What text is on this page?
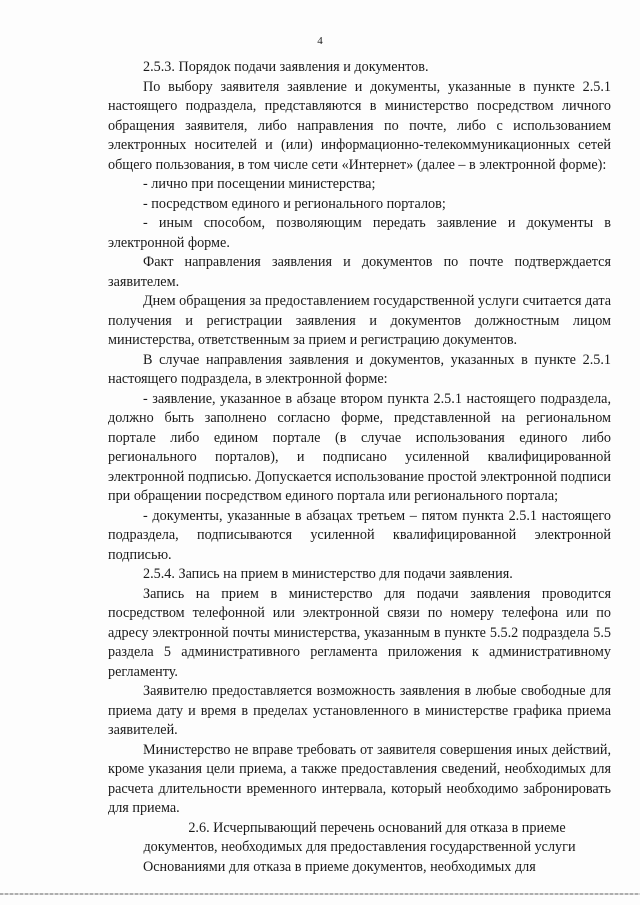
4

2.5.3. Порядок подачи заявления и документов.

По выбору заявителя заявление и документы, указанные в пункте 2.5.1 настоящего подраздела, представляются в министерство посредством личного обращения заявителя, либо направления по почте, либо с использованием электронных носителей и (или) информационно-телекоммуникационных сетей общего пользования, в том числе сети «Интернет» (далее – в электронной форме):

- лично при посещении министерства;

- посредством единого и регионального порталов;

- иным способом, позволяющим передать заявление и документы в электронной форме.

Факт направления заявления и документов по почте подтверждается заявителем.

Днем обращения за предоставлением государственной услуги считается дата получения и регистрации заявления и документов должностным лицом министерства, ответственным за прием и регистрацию документов.

В случае направления заявления и документов, указанных в пункте 2.5.1 настоящего подраздела, в электронной форме:

- заявление, указанное в абзаце втором пункта 2.5.1 настоящего подраздела, должно быть заполнено согласно форме, представленной на региональном портале либо едином портале (в случае использования единого либо регионального порталов), и подписано усиленной квалифицированной электронной подписью. Допускается использование простой электронной подписи при обращении посредством единого портала или регионального портала;

- документы, указанные в абзацах третьем – пятом пункта 2.5.1 настоящего подраздела, подписываются усиленной квалифицированной электронной подписью.

2.5.4. Запись на прием в министерство для подачи заявления.

Запись на прием в министерство для подачи заявления проводится посредством телефонной или электронной связи по номеру телефона или по адресу электронной почты министерства, указанным в пункте 5.5.2 подраздела 5.5 раздела 5 административного регламента приложения к административному регламенту.

Заявителю предоставляется возможность заявления в любые свободные для приема дату и время в пределах установленного в министерстве графика приема заявителей.

Министерство не вправе требовать от заявителя совершения иных действий, кроме указания цели приема, а также предоставления сведений, необходимых для расчета длительности временного интервала, который необходимо забронировать для приема.

2.6. Исчерпывающий перечень оснований для отказа в приеме документов, необходимых для предоставления государственной услуги

Основаниями для отказа в приеме документов, необходимых для
